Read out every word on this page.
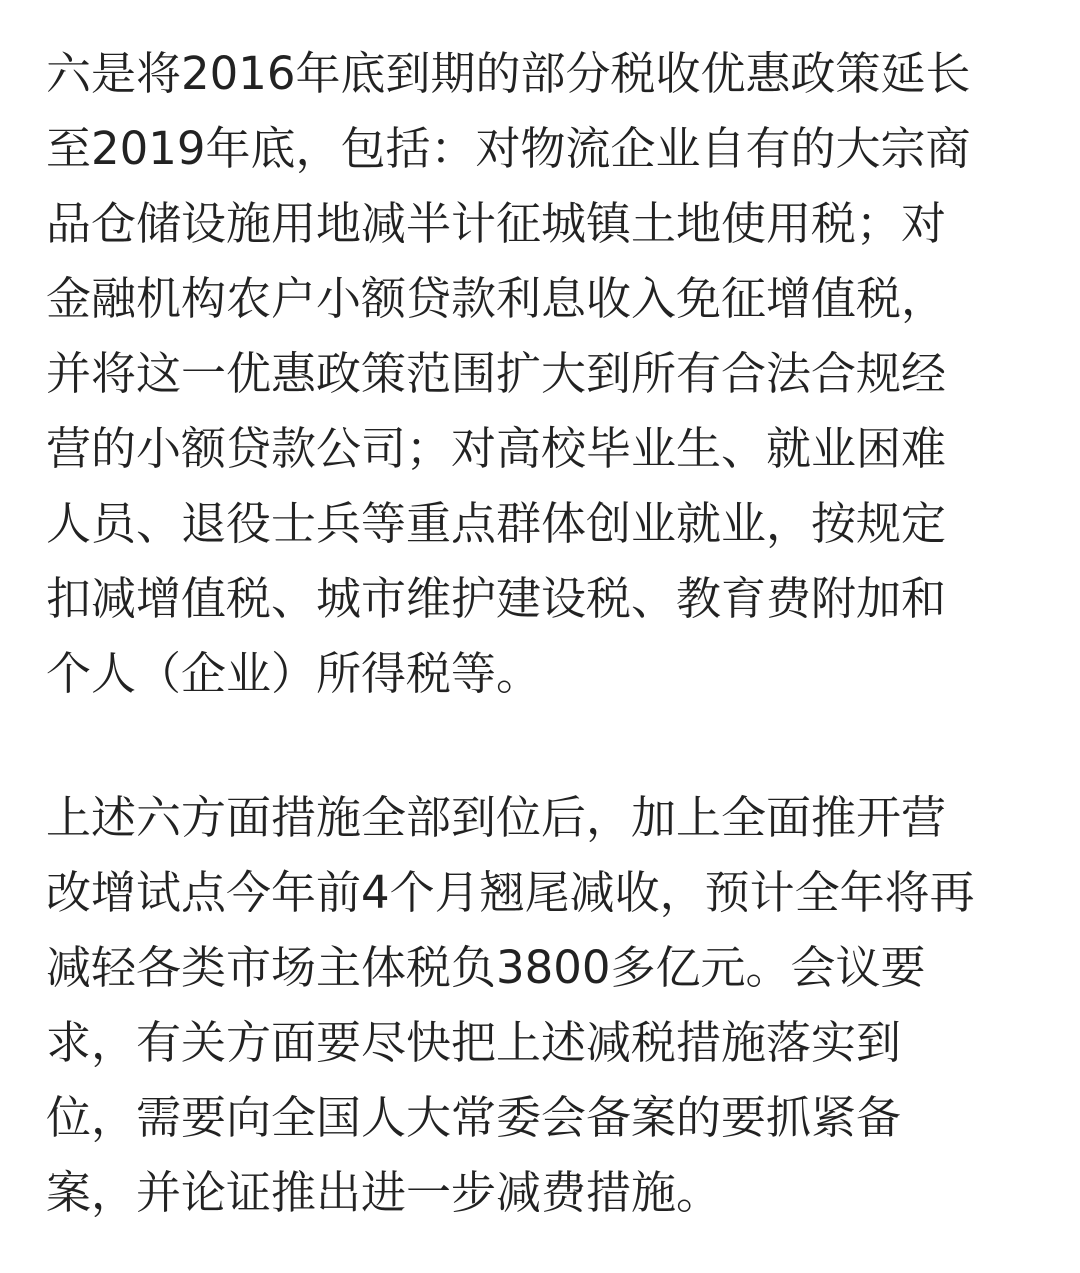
六是将2016年底到期的部分税收优惠政策延长
至2019年底，包括：对物流企业自有的大宗商
品仓储设施用地减半计征城镇土地使用税；对
金融机构农户小额贷款利息收入免征增值税，
并将这一优惠政策范围扩大到所有合法合规经
营的小额贷款公司；对高校毕业生、就业困难
人员、退役士兵等重点群体创业就业，按规定
扣减增值税、城市维护建设税、教育费附加和
个人（企业）所得税等。

上述六方面措施全部到位后，加上全面推开营
改增试点今年前4个月翘尾减收，预计全年将再
减轻各类市场主体税负3800多亿元。会议要
求，有关方面要尽快把上述减税措施落实到
位，需要向全国人大常委会备案的要抓紧备
案，并论证推出进一步减费措施。
